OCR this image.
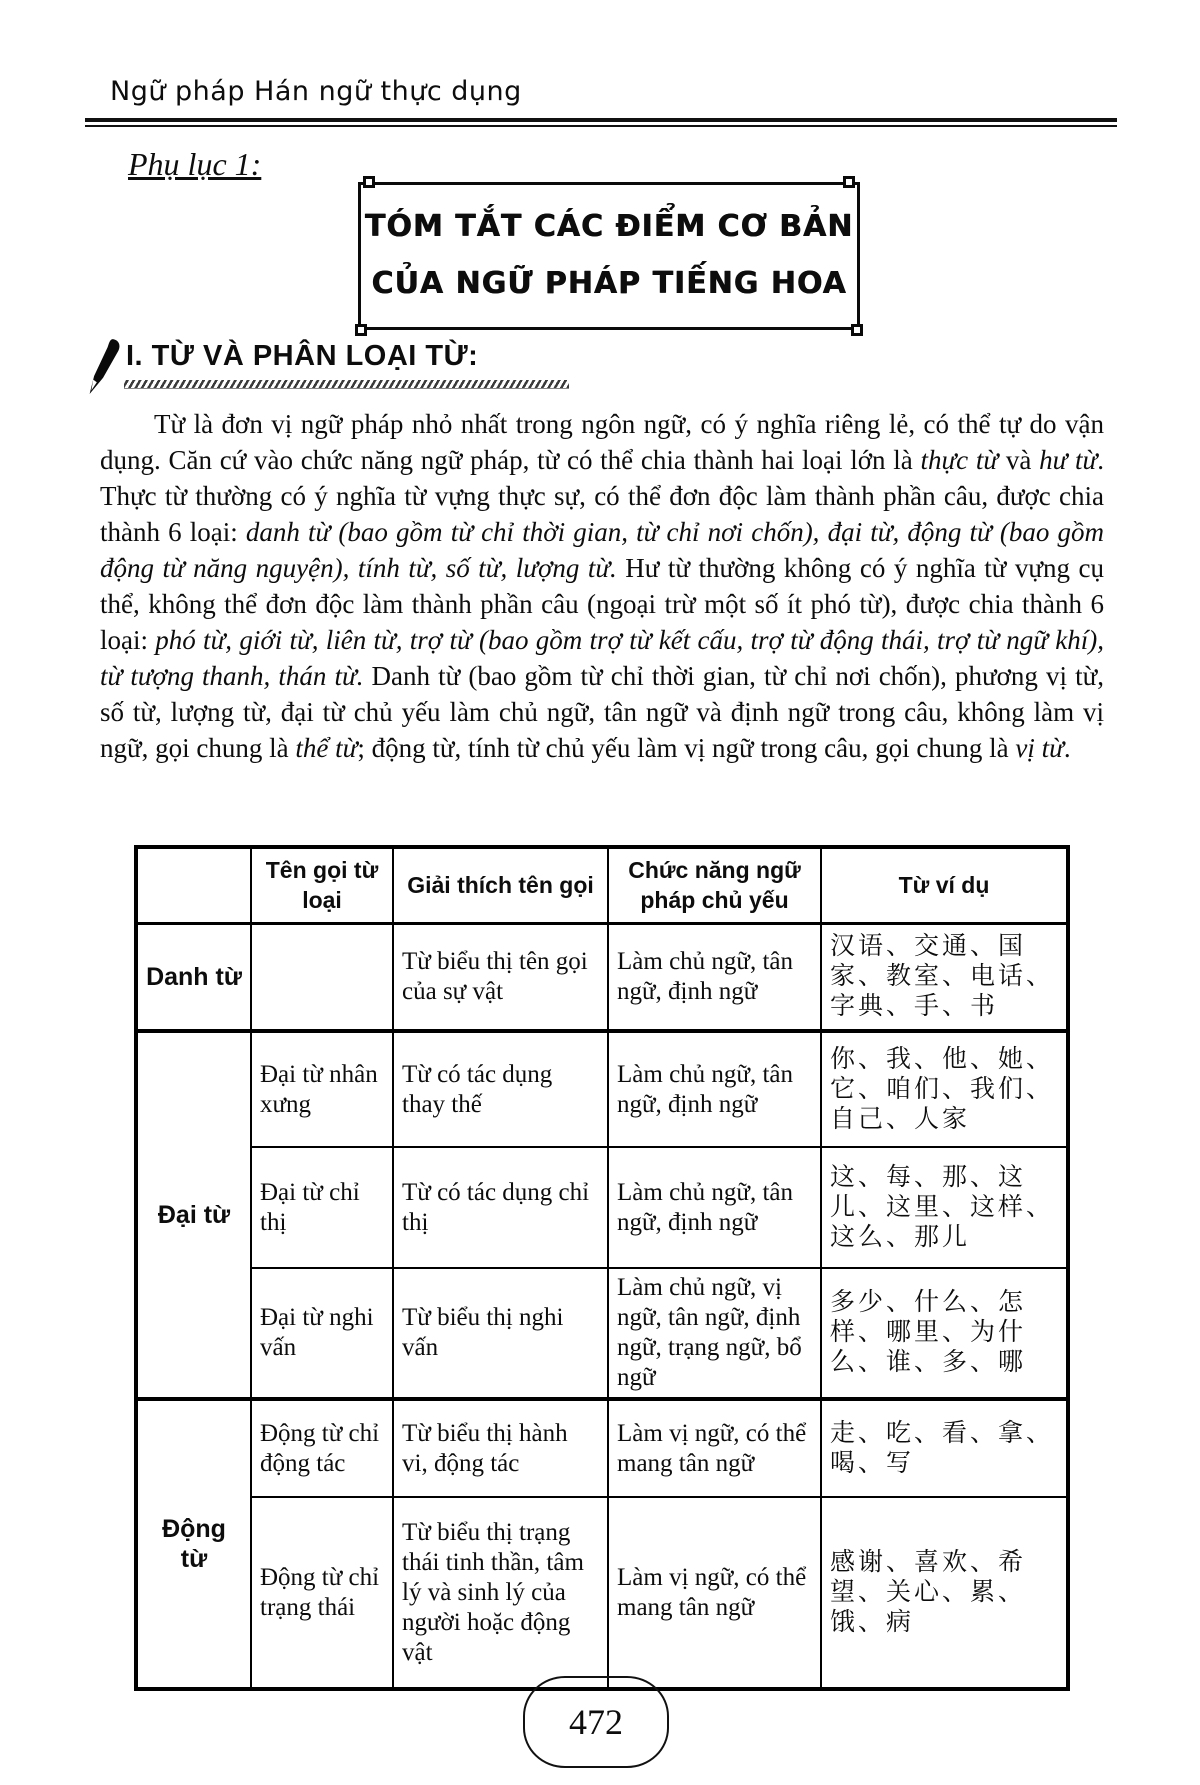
Ngữ pháp Hán ngữ thực dụng
Phụ lục 1:
TÓM TẮT CÁC ĐIỂM CƠ BẢN
CỦA NGỮ PHÁP TIẾNG HOA
I. TỪ VÀ PHÂN LOẠI TỪ:

Từ là đơn vị ngữ pháp nhỏ nhất trong ngôn ngữ, có ý nghĩa riêng lẻ, có thể tự do vận dụng. Căn cứ vào chức năng ngữ pháp, từ có thể chia thành hai loại lớn là thực từ và hư từ. Thực từ thường có ý nghĩa từ vựng thực sự, có thể đơn độc làm thành phần câu, được chia thành 6 loại: danh từ (bao gồm từ chỉ thời gian, từ chỉ nơi chốn), đại từ, động từ (bao gồm động từ năng nguyện), tính từ, số từ, lượng từ. Hư từ thường không có ý nghĩa từ vựng cụ thể, không thể đơn độc làm thành phần câu (ngoại trừ một số ít phó từ), được chia thành 6 loại: phó từ, giới từ, liên từ, trợ từ (bao gồm trợ từ kết cấu, trợ từ động thái, trợ từ ngữ khí), từ tượng thanh, thán từ. Danh từ (bao gồm từ chỉ thời gian, từ chỉ nơi chốn), phương vị từ, số từ, lượng từ, đại từ chủ yếu làm chủ ngữ, tân ngữ và định ngữ trong câu, không làm vị ngữ, gọi chung là thể từ; động từ, tính từ chủ yếu làm vị ngữ trong câu, gọi chung là vị từ.

	Tên gọi từ loại	Giải thích tên gọi	Chức năng ngữ pháp chủ yếu	Từ ví dụ
Danh từ		Từ biểu thị tên gọi của sự vật	Làm chủ ngữ, tân ngữ, định ngữ	汉语、交通、国家、教室、电话、字典、手、书
Đại từ	Đại từ nhân xưng	Từ có tác dụng thay thế	Làm chủ ngữ, tân ngữ, định ngữ	你、我、他、她、它、咱们、我们、自己、人家
	Đại từ chỉ thị	Từ có tác dụng chỉ thị	Làm chủ ngữ, tân ngữ, định ngữ	这、每、那、这儿、这里、这样、这么、那儿
	Đại từ nghi vấn	Từ biểu thị nghi vấn	Làm chủ ngữ, vị ngữ, tân ngữ, định ngữ, trạng ngữ, bổ ngữ	多少、什么、怎样、哪里、为什么、谁、多、哪
Động từ	Động từ chỉ động tác	Từ biểu thị hành vi, động tác	Làm vị ngữ, có thể mang tân ngữ	走、吃、看、拿、喝、写
	Động từ chỉ trạng thái	Từ biểu thị trạng thái tinh thần, tâm lý và sinh lý của người hoặc động vật	Làm vị ngữ, có thể mang tân ngữ	感谢、喜欢、希望、关心、累、饿、病
472
